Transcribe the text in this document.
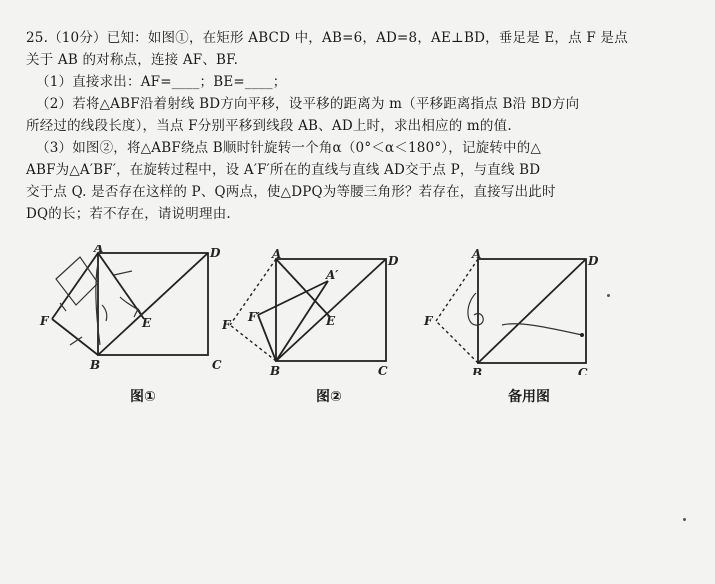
25.（10分）已知：如图①，在矩形 ABCD 中，AB=6，AD=8，AE⊥BD，垂足是 E，点 F 是点
关于 AB 的对称点，连接 AF、BF.
（1）直接求出：AF=____；BE=____；
（2）若将△ABF沿着射线 BD方向平移，设平移的距离为 m（平移距离指点 B沿 BD方向
所经过的线段长度），当点 F分别平移到线段 AB、AD上时，求出相应的 m的值.
（3）如图②，将△ABF绕点 B顺时针旋转一个角α（0°＜α＜180°），记旋转中的△
ABF为△A′BF′，在旋转过程中，设 A′F′所在的直线与直线 AD交于点 P，与直线 BD
交于点 Q. 是否存在这样的 P、Q两点，使△DPQ为等腰三角形？若存在，直接写出此时
DQ的长；若不存在，请说明理由.
A
B	C
D
E
F
图①
A
B	C
D
E
F
A′
F′
图②
A
B	C
D
F
备用图
